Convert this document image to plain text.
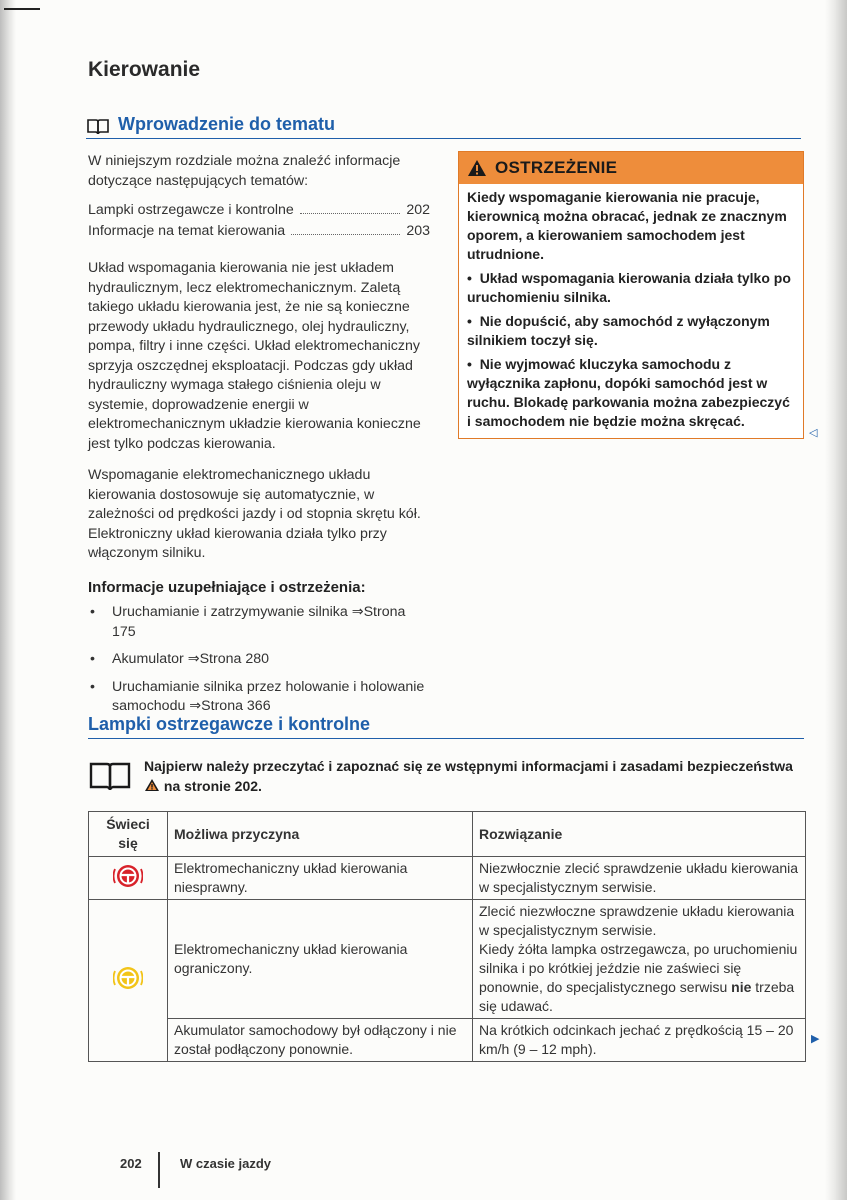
Kierowanie
Wprowadzenie do tematu

W niniejszym rozdziale można znaleźć informacje dotyczące następujących tematów:

Lampki ostrzegawcze i kontrolne	202
Informacje na temat kierowania	203

Układ wspomagania kierowania nie jest układem hydraulicznym, lecz elektromechanicznym. Zaletą takiego układu kierowania jest, że nie są konieczne przewody układu hydraulicznego, olej hydrauliczny, pompa, filtry i inne części. Układ elektromechaniczny sprzyja oszczędnej eksploatacji. Podczas gdy układ hydrauliczny wymaga stałego ciśnienia oleju w systemie, doprowadzenie energii w elektromechanicznym układzie kierowania konieczne jest tylko podczas kierowania.

Wspomaganie elektromechanicznego układu kierowania dostosowuje się automatycznie, w zależności od prędkości jazdy i od stopnia skrętu kół. Elektroniczny układ kierowania działa tylko przy włączonym silniku.

Informacje uzupełniające i ostrzeżenia:
• Uruchamianie i zatrzymywanie silnika ⇒Strona 175
• Akumulator ⇒Strona 280
• Uruchamianie silnika przez holowanie i holowanie samochodu ⇒Strona 366
OSTRZEŻENIE

Kiedy wspomaganie kierowania nie pracuje, kierownicą można obracać, jednak ze znacznym oporem, a kierowaniem samochodem jest utrudnione.

•  Układ wspomagania kierowania działa tylko po uruchomieniu silnika.

•  Nie dopuścić, aby samochód z wyłączonym silnikiem toczył się.

•  Nie wyjmować kluczyka samochodu z wyłącznika zapłonu, dopóki samochód jest w ruchu. Blokadę parkowania można zabezpieczyć i samochodem nie będzie można skręcać.

◁
Lampki ostrzegawcze i kontrolne
Najpierw należy przeczytać i zapoznać się ze wstępnymi informacjami i zasadami bezpieczeństwa  na stronie 202.
Świeci się	Możliwa przyczyna	Rozwiązanie

!	Elektromechaniczny układ kierowania niesprawny.	Niezwłocznie zlecić sprawdzenie układu kierowania w specjalistycznym serwisie.
	Elektromechaniczny układ kierowania ograniczony.	Zlecić niezwłoczne sprawdzenie układu kierowania w specjalistycznym serwisie.
Kiedy żółta lampka ostrzegawcza, po uruchomieniu silnika i po krótkiej jeździe nie zaświeci się ponownie, do specjalistycznego serwisu nie trzeba się udawać.
	Akumulator samochodowy był odłączony i nie został podłączony ponownie.	Na krótkich odcinkach jechać z prędkością 15 – 20 km/h (9 – 12 mph).
▶
202	W czasie jazdy
